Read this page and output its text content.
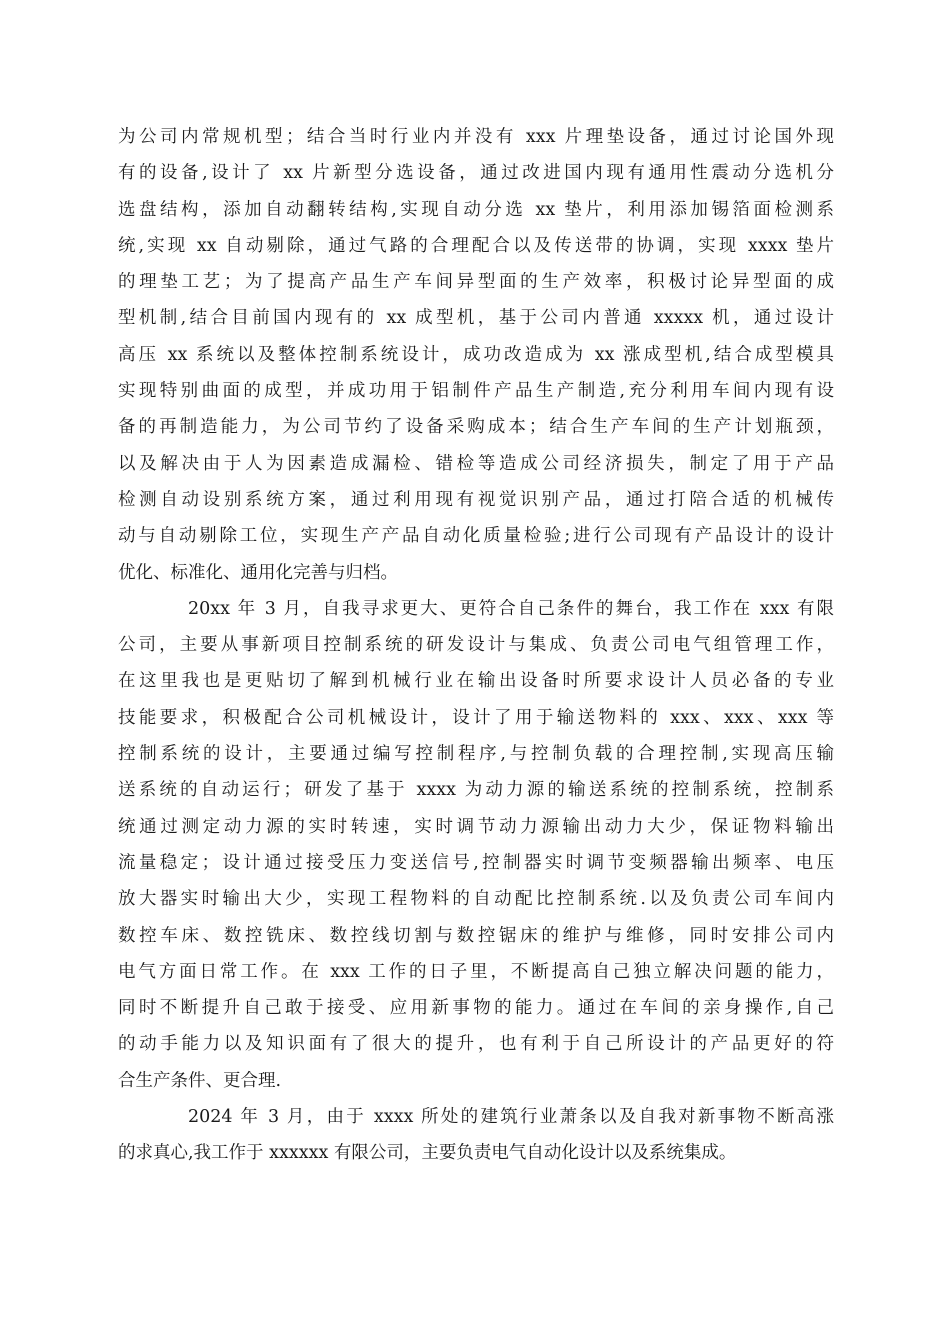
为公司内常规机型；结合当时行业内并没有 xxx 片理垫设备，通过讨论国外现
有的设备,设计了 xx 片新型分选设备，通过改进国内现有通用性震动分选机分
选盘结构，添加自动翻转结构,实现自动分选 xx 垫片，利用添加锡箔面检测系
统,实现 xx 自动剔除，通过气路的合理配合以及传送带的协调，实现 xxxx 垫片
的理垫工艺；为了提高产品生产车间异型面的生产效率，积极讨论异型面的成
型机制,结合目前国内现有的 xx 成型机，基于公司内普通 xxxxx 机，通过设计
高压 xx 系统以及整体控制系统设计，成功改造成为 xx 涨成型机,结合成型模具
实现特别曲面的成型，并成功用于铝制件产品生产制造,充分利用车间内现有设
备的再制造能力，为公司节约了设备采购成本；结合生产车间的生产计划瓶颈，
以及解决由于人为因素造成漏检、错检等造成公司经济损失，制定了用于产品
检测自动设别系统方案，通过利用现有视觉识别产品，通过打陪合适的机械传
动与自动剔除工位，实现生产产品自动化质量检验;进行公司现有产品设计的设计
优化、标准化、通用化完善与归档。
20xx 年 3 月，自我寻求更大、更符合自己条件的舞台，我工作在 xxx 有限
公司，主要从事新项目控制系统的研发设计与集成、负责公司电气组管理工作，
在这里我也是更贴切了解到机械行业在输出设备时所要求设计人员必备的专业
技能要求，积极配合公司机械设计，设计了用于输送物料的 xxx、xxx、xxx 等
控制系统的设计，主要通过编写控制程序,与控制负载的合理控制,实现高压输
送系统的自动运行；研发了基于 xxxx 为动力源的输送系统的控制系统，控制系
统通过测定动力源的实时转速，实时调节动力源输出动力大少，保证物料输出
流量稳定；设计通过接受压力变送信号,控制器实时调节变频器输出频率、电压
放大器实时输出大少，实现工程物料的自动配比控制系统.以及负责公司车间内
数控车床、数控铣床、数控线切割与数控锯床的维护与维修，同时安排公司内
电气方面日常工作。在 xxx 工作的日子里，不断提高自己独立解决问题的能力，
同时不断提升自己敢于接受、应用新事物的能力。通过在车间的亲身操作,自己
的动手能力以及知识面有了很大的提升，也有利于自己所设计的产品更好的符
合生产条件、更合理.
2024 年 3 月，由于 xxxx 所处的建筑行业萧条以及自我对新事物不断高涨
的求真心,我工作于 xxxxxx 有限公司，主要负责电气自动化设计以及系统集成。
